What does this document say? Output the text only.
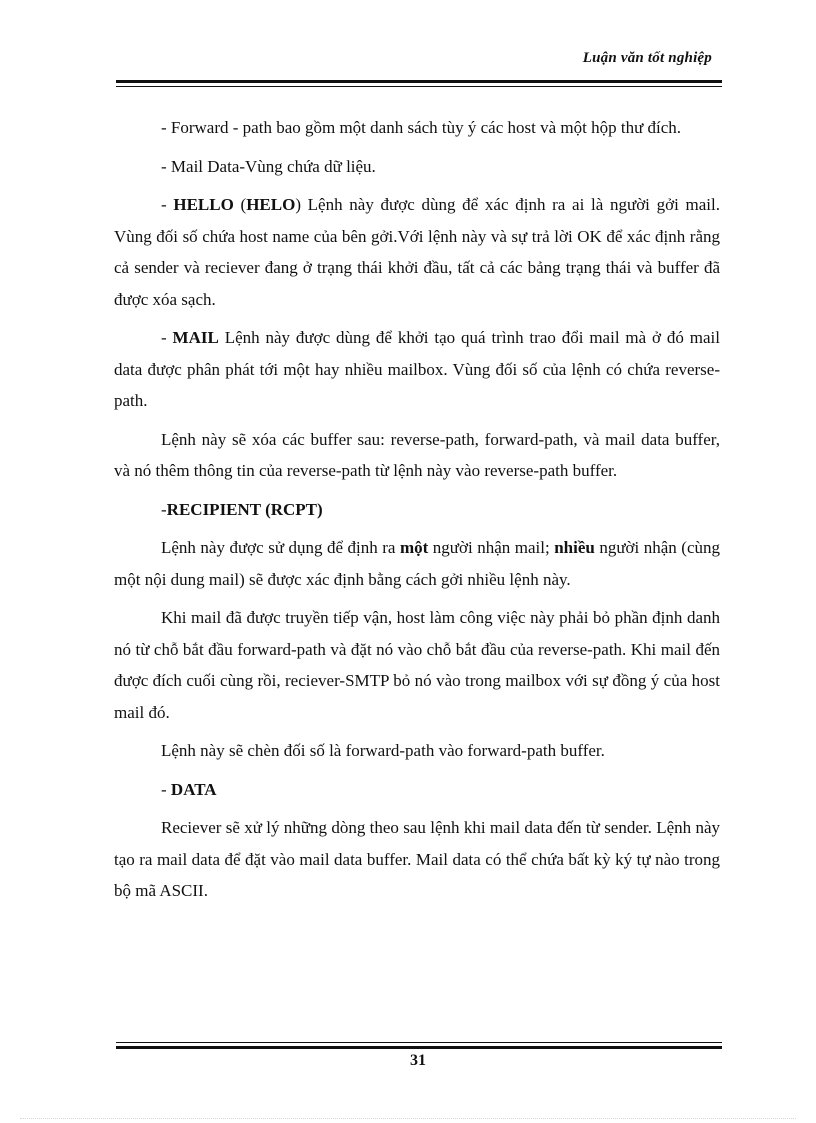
Luận văn tốt nghiệp

- Forward - path bao gồm một danh sách tùy ý các host và một hộp thư đích.

- Mail Data-Vùng chứa dữ liệu.

- HELLO (HELO) Lệnh này được dùng để xác định ra ai là người gởi mail. Vùng đối số chứa host name của bên gởi.Với lệnh này và sự trả lời OK để xác định rằng cả sender và reciever đang ở trạng thái khởi đầu, tất cả các bảng trạng thái và buffer đã được xóa sạch.

- MAIL Lệnh này được dùng để khởi tạo quá trình trao đổi mail mà ở đó mail data được phân phát tới một hay nhiều mailbox. Vùng đối số của lệnh có chứa reverse-path.

Lệnh này sẽ xóa các buffer sau: reverse-path, forward-path, và mail data buffer, và nó thêm thông tin của reverse-path từ lệnh này vào reverse-path buffer.

-RECIPIENT (RCPT)

Lệnh này được sử dụng để định ra một người nhận mail; nhiều người nhận (cùng một nội dung mail) sẽ được xác định bằng cách gởi nhiều lệnh này.

Khi mail đã được truyền tiếp vận, host làm công việc này phải bỏ phần định danh nó từ chỗ bắt đầu forward-path và đặt nó vào chỗ bắt đầu của reverse-path. Khi mail đến được đích cuối cùng rồi, reciever-SMTP bỏ nó vào trong mailbox với sự đồng ý của host mail đó.

Lệnh này sẽ chèn đối số là forward-path vào forward-path buffer.

- DATA

Reciever sẽ xử lý những dòng theo sau lệnh khi mail data đến từ sender. Lệnh này tạo ra mail data để đặt vào mail data buffer. Mail data có thể chứa bất kỳ ký tự nào trong bộ mã ASCII.

31
